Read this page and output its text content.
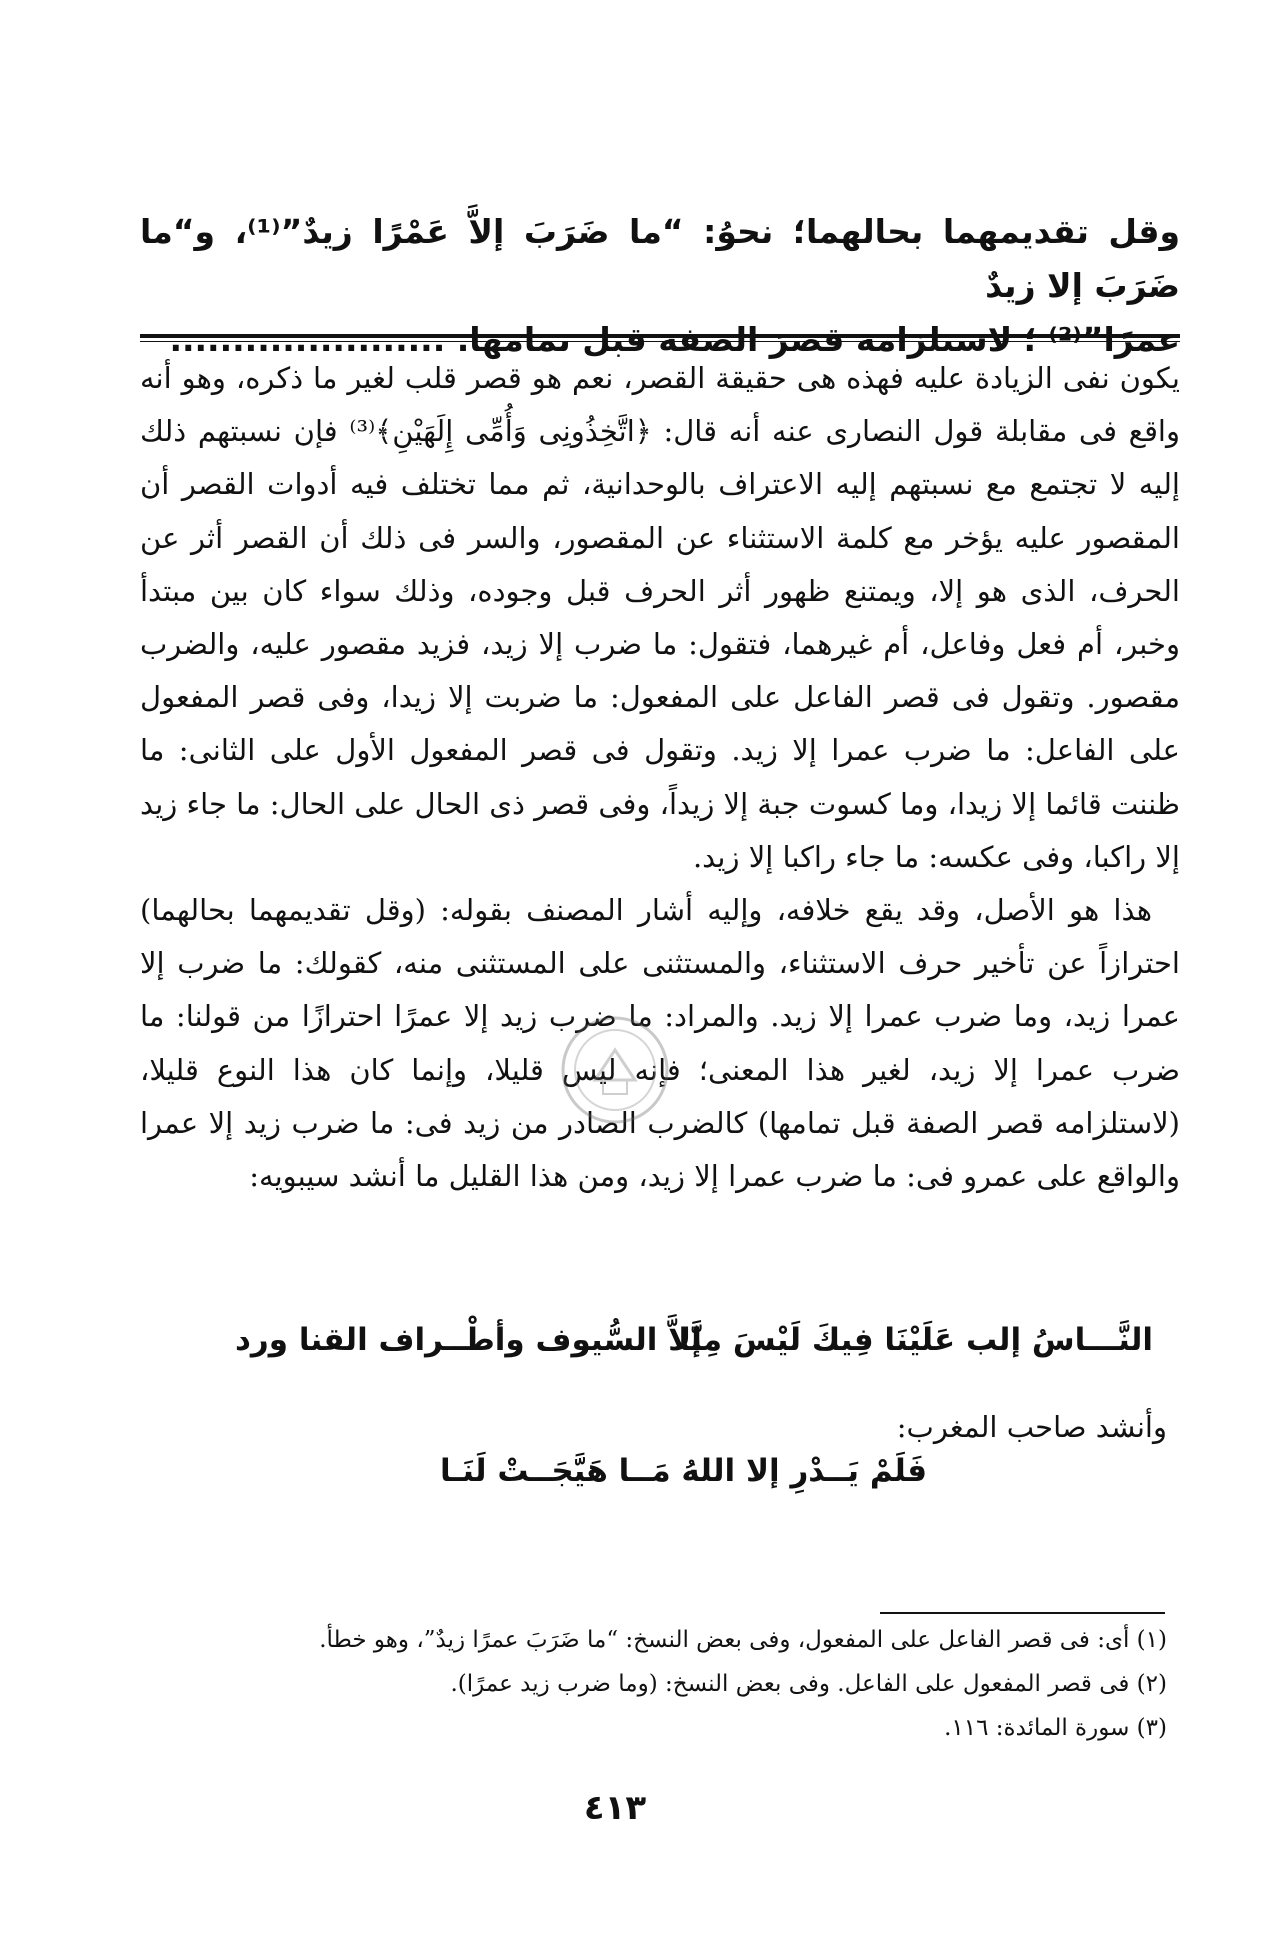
وقل تقديمهما بحالهما؛ نحوُ: “ما ضَرَبَ إلاَّ عَمْرًا زيدٌ”⁽¹⁾، و“ما ضَرَبَ إلا زيدٌ
عمرًا”⁽²⁾ ؛ لاستلزامه قصرَ الصفة قبل تمامها. ......................

يكون نفى الزيادة عليه فهذه هى حقيقة القصر، نعم هو قصر قلب لغير ما ذكره، وهو أنه واقع فى مقابلة قول النصارى عنه أنه قال: ﴿اتَّخِذُونِى وَأُمِّى إِلَهَيْنِ﴾⁽³⁾ فإن نسبتهم ذلك إليه لا تجتمع مع نسبتهم إليه الاعتراف بالوحدانية، ثم مما تختلف فيه أدوات القصر أن المقصور عليه يؤخر مع كلمة الاستثناء عن المقصور، والسر فى ذلك أن القصر أثر عن الحرف، الذى هو إلا، ويمتنع ظهور أثر الحرف قبل وجوده، وذلك سواء كان بين مبتدأ وخبر، أم فعل وفاعل، أم غيرهما، فتقول: ما ضرب إلا زيد، فزيد مقصور عليه، والضرب مقصور. وتقول فى قصر الفاعل على المفعول: ما ضربت إلا زيدا، وفى قصر المفعول على الفاعل: ما ضرب عمرا إلا زيد. وتقول فى قصر المفعول الأول على الثانى: ما ظننت قائما إلا زيدا، وما كسوت جبة إلا زيداً، وفى قصر ذى الحال على الحال: ما جاء زيد إلا راكبا، وفى عكسه: ما جاء راكبا إلا زيد.

هذا هو الأصل، وقد يقع خلافه، وإليه أشار المصنف بقوله: (وقل تقديمهما بحالهما) احترازاً عن تأخير حرف الاستثناء، والمستثنى على المستثنى منه، كقولك: ما ضرب إلا عمرا زيد، وما ضرب عمرا إلا زيد. والمراد: ما ضرب زيد إلا عمرًا احترازًا من قولنا: ما ضرب عمرا إلا زيد، لغير هذا المعنى؛ فإنه ليس قليلا، وإنما كان هذا النوع قليلا، (لاستلزامه قصر الصفة قبل تمامها) كالضرب الصادر من زيد فى: ما ضرب زيد إلا عمرا والواقع على عمرو فى: ما ضرب عمرا إلا زيد، ومن هذا القليل ما أنشد سيبويه:

النَّـــاسُ إلب عَلَيْنَا فِيكَ لَيْسَ مِنَّا
إلاَّ السُّيوف وأطْــراف القنا ورد
وأنشد صاحب المغرب:
فَلَمْ يَــدْرِ إلا اللهُ مَــا هَيَّجَــتْ لَنَـا
(١) أى: فى قصر الفاعل على المفعول، وفى بعض النسخ: “ما ضَرَبَ عمرًا زيدٌ”، وهو خطأ.
(٢) فى قصر المفعول على الفاعل. وفى بعض النسخ: (وما ضرب زيد عمرًا).
(٣) سورة المائدة: ١١٦.
٤١٣
